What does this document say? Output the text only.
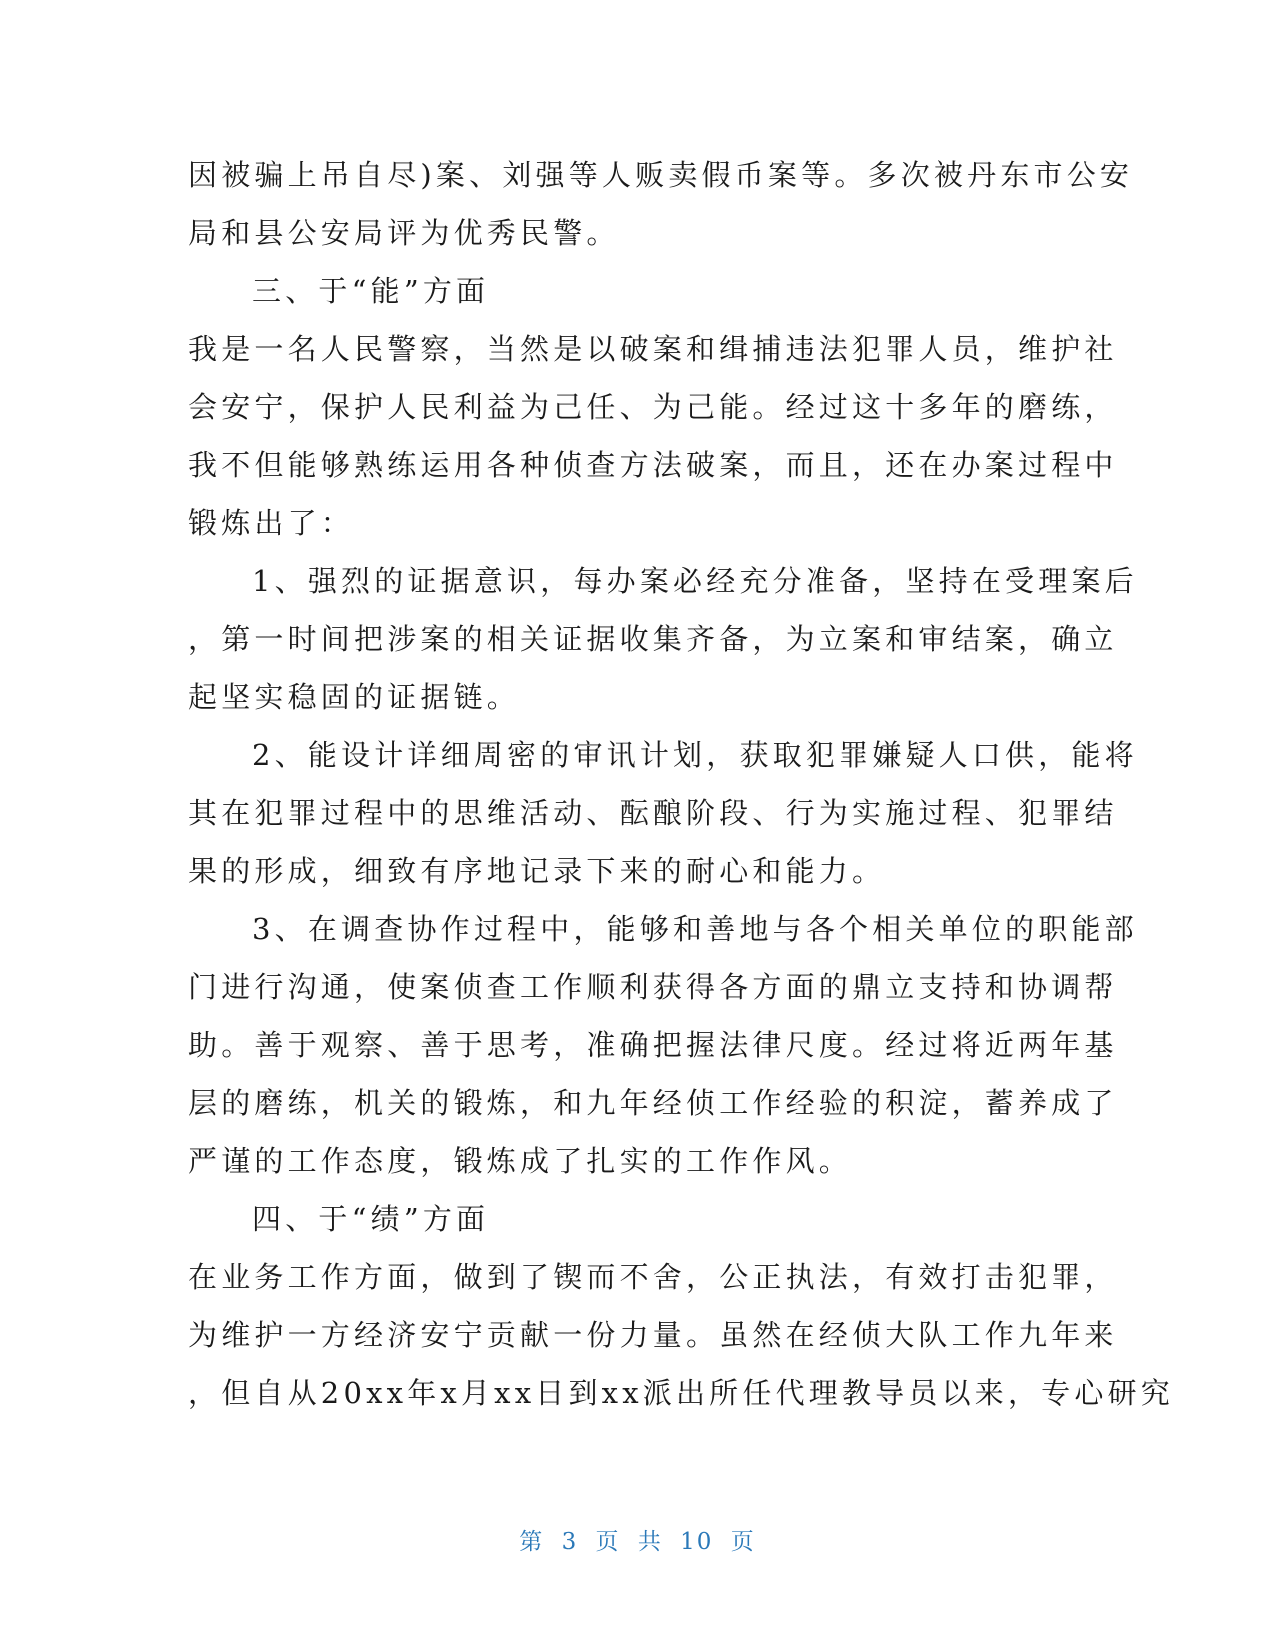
因被骗上吊自尽)案、刘强等人贩卖假币案等。多次被丹东市公安
局和县公安局评为优秀民警。
三、于“能”方面
我是一名人民警察，当然是以破案和缉捕违法犯罪人员，维护社
会安宁，保护人民利益为己任、为己能。经过这十多年的磨练，
我不但能够熟练运用各种侦查方法破案，而且，还在办案过程中
锻炼出了：
1、强烈的证据意识，每办案必经充分准备，坚持在受理案后
，第一时间把涉案的相关证据收集齐备，为立案和审结案，确立
起坚实稳固的证据链。
2、能设计详细周密的审讯计划，获取犯罪嫌疑人口供，能将
其在犯罪过程中的思维活动、酝酿阶段、行为实施过程、犯罪结
果的形成，细致有序地记录下来的耐心和能力。
3、在调查协作过程中，能够和善地与各个相关单位的职能部
门进行沟通，使案侦查工作顺利获得各方面的鼎立支持和协调帮
助。善于观察、善于思考，准确把握法律尺度。经过将近两年基
层的磨练，机关的锻炼，和九年经侦工作经验的积淀，蓄养成了
严谨的工作态度，锻炼成了扎实的工作作风。
四、于“绩”方面
在业务工作方面，做到了锲而不舍，公正执法，有效打击犯罪，
为维护一方经济安宁贡献一份力量。虽然在经侦大队工作九年来
，但自从20xx年x月xx日到xx派出所任代理教导员以来，专心研究
第 3 页 共 10 页
